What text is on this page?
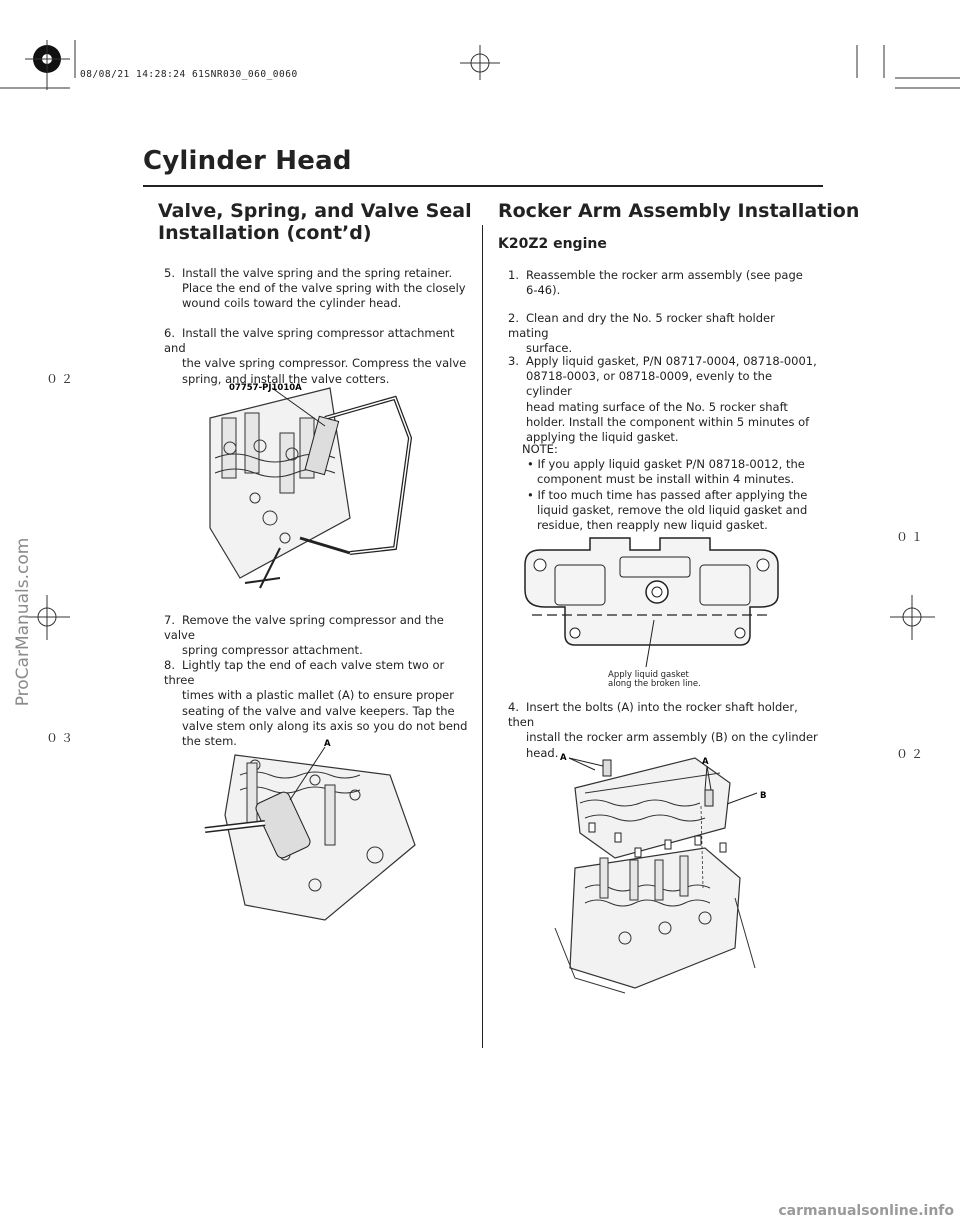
08/08/21 14:28:24 61SNR030_060_0060
Cylinder Head
Valve, Spring, and Valve Seal
Installation (cont’d)
5. Install the valve spring and the spring retainer.
Place the end of the valve spring with the closely
wound coils toward the cylinder head.
6. Install the valve spring compressor attachment and
the valve spring compressor. Compress the valve
spring, and install the valve cotters.
07757-PJ1010A
7. Remove the valve spring compressor and the valve
spring compressor attachment.
8. Lightly tap the end of each valve stem two or three
times with a plastic mallet (A) to ensure proper
seating of the valve and valve keepers. Tap the
valve stem only along its axis so you do not bend
the stem.	A
Rocker Arm Assembly Installation
K20Z2 engine
1. Reassemble the rocker arm assembly (see page
6-46).
2. Clean and dry the No. 5 rocker shaft holder mating
surface.
3. Apply liquid gasket, P/N 08717-0004, 08718-0001,
08718-0003, or 08718-0009, evenly to the cylinder
head mating surface of the No. 5 rocker shaft
holder. Install the component within 5 minutes of
applying the liquid gasket.
NOTE:
• If you apply liquid gasket P/N 08718-0012, the
component must be install within 4 minutes.
• If too much time has passed after applying the
liquid gasket, remove the old liquid gasket and
residue, then reapply new liquid gasket.
Apply liquid gasket
along the broken line.
4. Insert the bolts (A) into the rocker shaft holder, then
install the rocker arm assembly (B) on the cylinder
head. A	A
B
０２
０３
０１
０２
ProCarManuals.com
carmanualsonline.info
